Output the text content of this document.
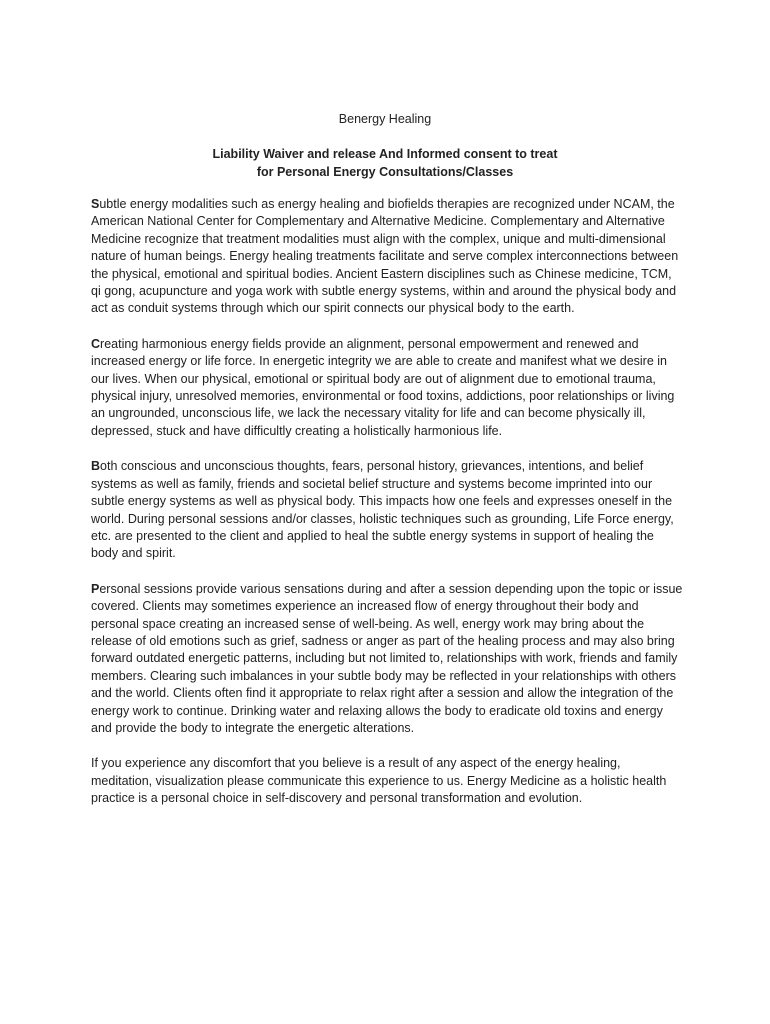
Benergy Healing
Liability Waiver and release And Informed consent to treat
for Personal Energy Consultations/Classes

Subtle energy modalities such as energy healing and biofields therapies are recognized under NCAM, the American National Center for Complementary and Alternative Medicine. Complementary and Alternative Medicine recognize that treatment modalities must align with the complex, unique and multi-dimensional nature of human beings. Energy healing treatments facilitate and serve complex interconnections between the physical, emotional and spiritual bodies. Ancient Eastern disciplines such as Chinese medicine, TCM, qi gong, acupuncture and yoga work with subtle energy systems, within and around the physical body and act as conduit systems through which our spirit connects our physical body to the earth.

Creating harmonious energy fields provide an alignment, personal empowerment and renewed and increased energy or life force. In energetic integrity we are able to create and manifest what we desire in our lives. When our physical, emotional or spiritual body are out of alignment due to emotional trauma, physical injury, unresolved memories, environmental or food toxins, addictions, poor relationships or living an ungrounded, unconscious life, we lack the necessary vitality for life and can become physically ill, depressed, stuck and have difficultly creating a holistically harmonious life.

Both conscious and unconscious thoughts, fears, personal history, grievances, intentions, and belief systems as well as family, friends and societal belief structure and systems become imprinted into our subtle energy systems as well as physical body. This impacts how one feels and expresses oneself in the world. During personal sessions and/or classes, holistic techniques such as grounding, Life Force energy, etc. are presented to the client and applied to heal the subtle energy systems in support of healing the body and spirit.

Personal sessions provide various sensations during and after a session depending upon the topic or issue covered. Clients may sometimes experience an increased flow of energy throughout their body and personal space creating an increased sense of well-being. As well, energy work may bring about the release of old emotions such as grief, sadness or anger as part of the healing process and may also bring forward outdated energetic patterns, including but not limited to, relationships with work, friends and family members. Clearing such imbalances in your subtle body may be reflected in your relationships with others and the world. Clients often find it appropriate to relax right after a session and allow the integration of the energy work to continue. Drinking water and relaxing allows the body to eradicate old toxins and energy and provide the body to integrate the energetic alterations.

If you experience any discomfort that you believe is a result of any aspect of the energy healing, meditation, visualization please communicate this experience to us. Energy Medicine as a holistic health practice is a personal choice in self-discovery and personal transformation and evolution.
